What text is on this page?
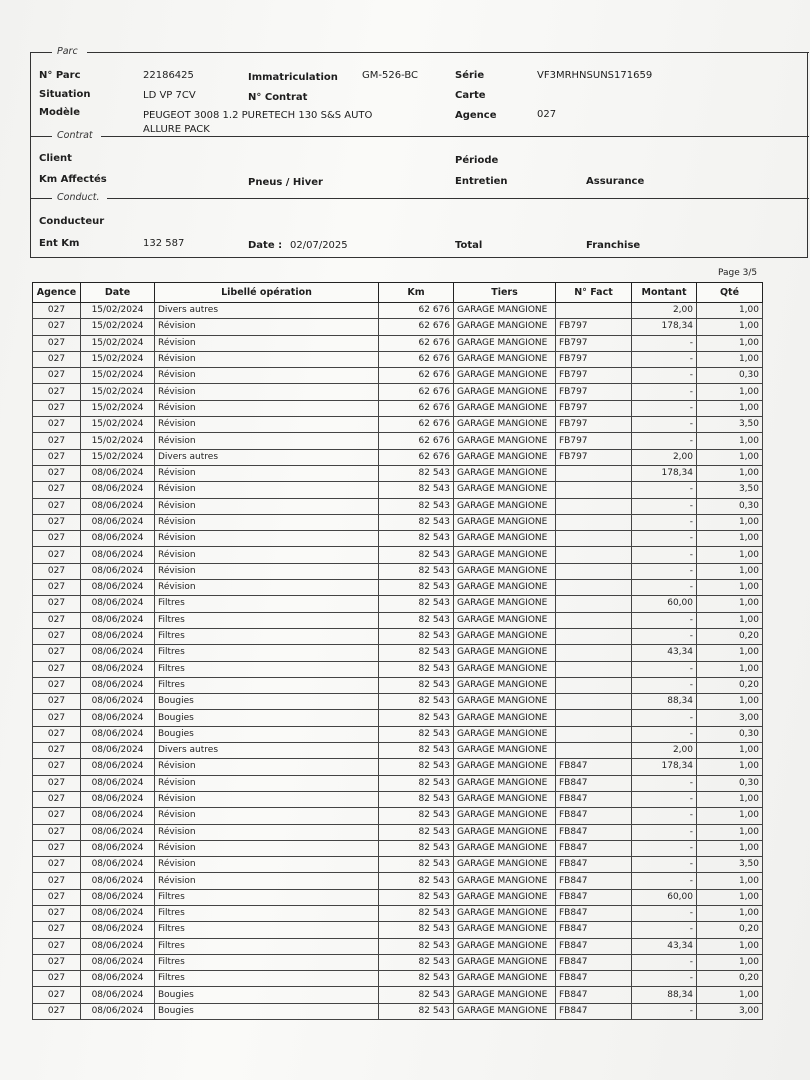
Parc
N° Parc	22186425	Immatriculation GM-526-BC	Série	VF3MRHNSUNS171659
Situation	LD VP 7CV	N° Contrat	Carte
Modèle	PEUGEOT 3008 1.2 PURETECH 130 S&S AUTO
ALLURE PACK
Agence	027
Contrat
Client	Période
Km Affectés	Pneus / Hiver	Entretien	Assurance
Conduct.
Conducteur
Ent Km	132 587	Date : 02/07/2025	Total	Franchise
Page 3/5
Agence	Date	Libellé opération	Km	Tiers	N° Fact	Montant	Qté
027	15/02/2024	Divers autres	62 676	GARAGE MANGIONE		2,00	1,00
027	15/02/2024	Révision	62 676	GARAGE MANGIONE	FB797	178,34	1,00
027	15/02/2024	Révision	62 676	GARAGE MANGIONE	FB797	-	1,00
027	15/02/2024	Révision	62 676	GARAGE MANGIONE	FB797	-	1,00
027	15/02/2024	Révision	62 676	GARAGE MANGIONE	FB797	-	0,30
027	15/02/2024	Révision	62 676	GARAGE MANGIONE	FB797	-	1,00
027	15/02/2024	Révision	62 676	GARAGE MANGIONE	FB797	-	1,00
027	15/02/2024	Révision	62 676	GARAGE MANGIONE	FB797	-	3,50
027	15/02/2024	Révision	62 676	GARAGE MANGIONE	FB797	-	1,00
027	15/02/2024	Divers autres	62 676	GARAGE MANGIONE	FB797	2,00	1,00
027	08/06/2024	Révision	82 543	GARAGE MANGIONE		178,34	1,00
027	08/06/2024	Révision	82 543	GARAGE MANGIONE		-	3,50
027	08/06/2024	Révision	82 543	GARAGE MANGIONE		-	0,30
027	08/06/2024	Révision	82 543	GARAGE MANGIONE		-	1,00
027	08/06/2024	Révision	82 543	GARAGE MANGIONE		-	1,00
027	08/06/2024	Révision	82 543	GARAGE MANGIONE		-	1,00
027	08/06/2024	Révision	82 543	GARAGE MANGIONE		-	1,00
027	08/06/2024	Révision	82 543	GARAGE MANGIONE		-	1,00
027	08/06/2024	Filtres	82 543	GARAGE MANGIONE		60,00	1,00
027	08/06/2024	Filtres	82 543	GARAGE MANGIONE		-	1,00
027	08/06/2024	Filtres	82 543	GARAGE MANGIONE		-	0,20
027	08/06/2024	Filtres	82 543	GARAGE MANGIONE		43,34	1,00
027	08/06/2024	Filtres	82 543	GARAGE MANGIONE		-	1,00
027	08/06/2024	Filtres	82 543	GARAGE MANGIONE		-	0,20
027	08/06/2024	Bougies	82 543	GARAGE MANGIONE		88,34	1,00
027	08/06/2024	Bougies	82 543	GARAGE MANGIONE		-	3,00
027	08/06/2024	Bougies	82 543	GARAGE MANGIONE		-	0,30
027	08/06/2024	Divers autres	82 543	GARAGE MANGIONE		2,00	1,00
027	08/06/2024	Révision	82 543	GARAGE MANGIONE	FB847	178,34	1,00
027	08/06/2024	Révision	82 543	GARAGE MANGIONE	FB847	-	0,30
027	08/06/2024	Révision	82 543	GARAGE MANGIONE	FB847	-	1,00
027	08/06/2024	Révision	82 543	GARAGE MANGIONE	FB847	-	1,00
027	08/06/2024	Révision	82 543	GARAGE MANGIONE	FB847	-	1,00
027	08/06/2024	Révision	82 543	GARAGE MANGIONE	FB847	-	1,00
027	08/06/2024	Révision	82 543	GARAGE MANGIONE	FB847	-	3,50
027	08/06/2024	Révision	82 543	GARAGE MANGIONE	FB847	-	1,00
027	08/06/2024	Filtres	82 543	GARAGE MANGIONE	FB847	60,00	1,00
027	08/06/2024	Filtres	82 543	GARAGE MANGIONE	FB847	-	1,00
027	08/06/2024	Filtres	82 543	GARAGE MANGIONE	FB847	-	0,20
027	08/06/2024	Filtres	82 543	GARAGE MANGIONE	FB847	43,34	1,00
027	08/06/2024	Filtres	82 543	GARAGE MANGIONE	FB847	-	1,00
027	08/06/2024	Filtres	82 543	GARAGE MANGIONE	FB847	-	0,20
027	08/06/2024	Bougies	82 543	GARAGE MANGIONE	FB847	88,34	1,00
027	08/06/2024	Bougies	82 543	GARAGE MANGIONE	FB847	-	3,00
